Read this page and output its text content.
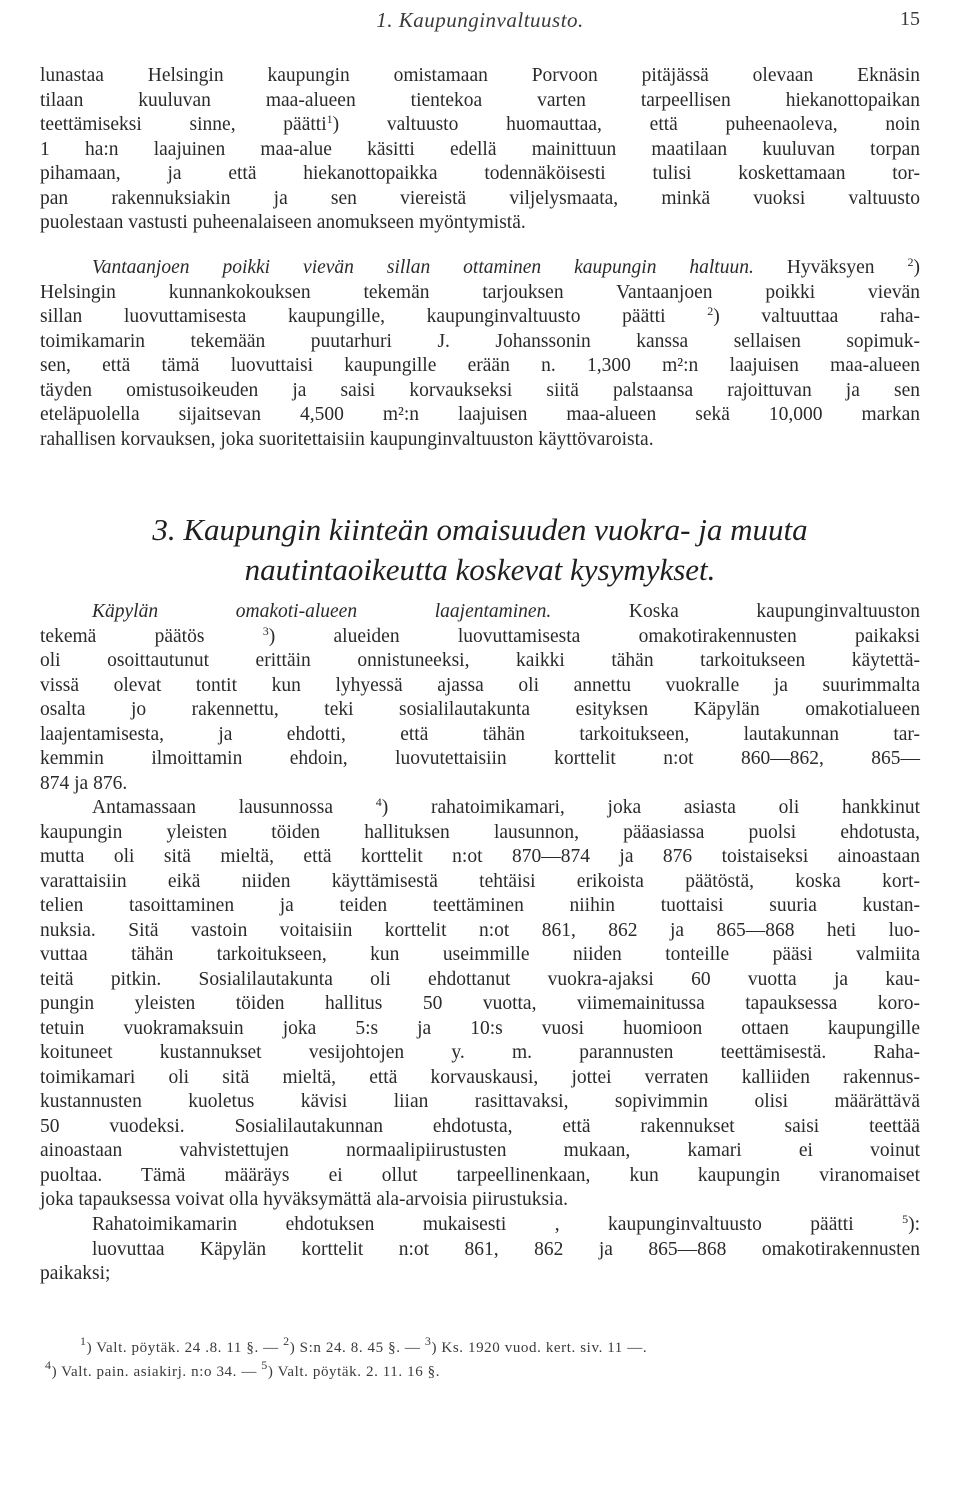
1. Kaupunginvaltuusto.	15
lunastaa Helsingin kaupungin omistamaan Porvoon pitäjässä olevaan Eknäsin
tilaan kuuluvan maa-alueen tientekoa varten tarpeellisen hiekanottopaikan
teettämiseksi sinne, päätti$^1$) valtuusto huomauttaa, että puheenaoleva, noin
1 ha:n laajuinen maa-alue käsitti edellä mainittuun maatilaan kuuluvan torpan
pihamaan, ja että hiekanottopaikka todennäköisesti tulisi koskettamaan tor-
pan rakennuksiakin ja sen viereistä viljelysmaata, minkä vuoksi valtuusto
puolestaan vastusti puheenalaiseen anomukseen myöntymistä.
Vantaanjoen poikki vievän sillan ottaminen kaupungin haltuun. Hyväksyen	$^2$)
Helsingin kunnankokouksen tekemän tarjouksen Vantaanjoen poikki vievän
sillan luovuttamisesta kaupungille, kaupunginvaltuusto päätti	$^2$) valtuuttaa raha-
toimikamarin tekemään puutarhuri J. Johanssonin kanssa sellaisen sopimuk-
sen, että tämä luovuttaisi kaupungille erään n. 1,300 m²:n laajuisen maa-alueen
täyden omistusoikeuden ja saisi korvaukseksi siitä palstaansa rajoittuvan ja sen
eteläpuolella sijaitsevan 4,500 m²:n laajuisen maa-alueen sekä 10,000 markan
rahallisen korvauksen, joka suoritettaisiin kaupunginvaltuuston käyttövaroista.
3. Kaupungin kiinteän omaisuuden vuokra- ja muuta
nautintaoikeutta koskevat kysymykset.
Käpylän omakoti-alueen laajentaminen.	Koska kaupunginvaltuuston
tekemä päätös	$^3$) alueiden luovuttamisesta omakotirakennusten paikaksi
oli osoittautunut erittäin onnistuneeksi, kaikki tähän tarkoitukseen käytettä-
vissä olevat tontit kun lyhyessä ajassa oli annettu vuokralle ja suurimmalta
osalta jo rakennettu, teki sosialilautakunta esityksen Käpylän omakotialueen
laajentamisesta, ja ehdotti, että tähän tarkoitukseen, lautakunnan tar-
kemmin ilmoittamin ehdoin, luovutettaisiin korttelit n:ot 860—862, 865—
874 ja 876.
Antamassaan lausunnossa	$^4$) rahatoimikamari, joka asiasta oli hankkinut
kaupungin yleisten töiden hallituksen lausunnon, pääasiassa puolsi ehdotusta,
mutta oli sitä mieltä, että korttelit n:ot 870—874 ja 876 toistaiseksi ainoastaan
varattaisiin eikä niiden käyttämisestä tehtäisi erikoista päätöstä, koska kort-
telien tasoittaminen ja teiden teettäminen niihin tuottaisi suuria kustan-
nuksia. Sitä vastoin voitaisiin korttelit n:ot 861, 862 ja 865—868 heti luo-
vuttaa tähän tarkoitukseen, kun useimmille niiden tonteille pääsi valmiita
teitä pitkin. Sosialilautakunta oli ehdottanut vuokra-ajaksi 60 vuotta ja kau-
pungin yleisten töiden hallitus 50 vuotta, viimemainitussa tapauksessa koro-
tetuin vuokramaksuin joka 5:s ja 10:s vuosi huomioon ottaen kaupungille
koituneet kustannukset vesijohtojen y. m. parannusten teettämisestä. Raha-
toimikamari oli sitä mieltä, että korvauskausi, jottei verraten kalliiden rakennus-
kustannusten kuoletus kävisi liian rasittavaksi, sopivimmin olisi määrättävä
50 vuodeksi. Sosialilautakunnan ehdotusta, että rakennukset saisi teettää
ainoastaan vahvistettujen normaalipiirustusten mukaan, kamari ei voinut
puoltaa. Tämä määräys ei ollut tarpeellinenkaan, kun kaupungin viranomaiset
joka tapauksessa voivat olla hyväksymättä ala-arvoisia piirustuksia.
Rahatoimikamarin ehdotuksen mukaisesti , kaupunginvaltuusto päätti	$^5$):
luovuttaa Käpylän korttelit n:ot 861, 862 ja 865—868 omakotirakennusten
paikaksi;
$^1$) Valt. pöytäk. 24 .8. 11 §. — $^2$) S:n 24. 8. 45 §. — $^3$) Ks. 1920 vuod. kert. siv. 11 —.
$^4$) Valt. pain. asiakirj. n:o 34. — $^5$) Valt. pöytäk. 2. 11. 16 §.
